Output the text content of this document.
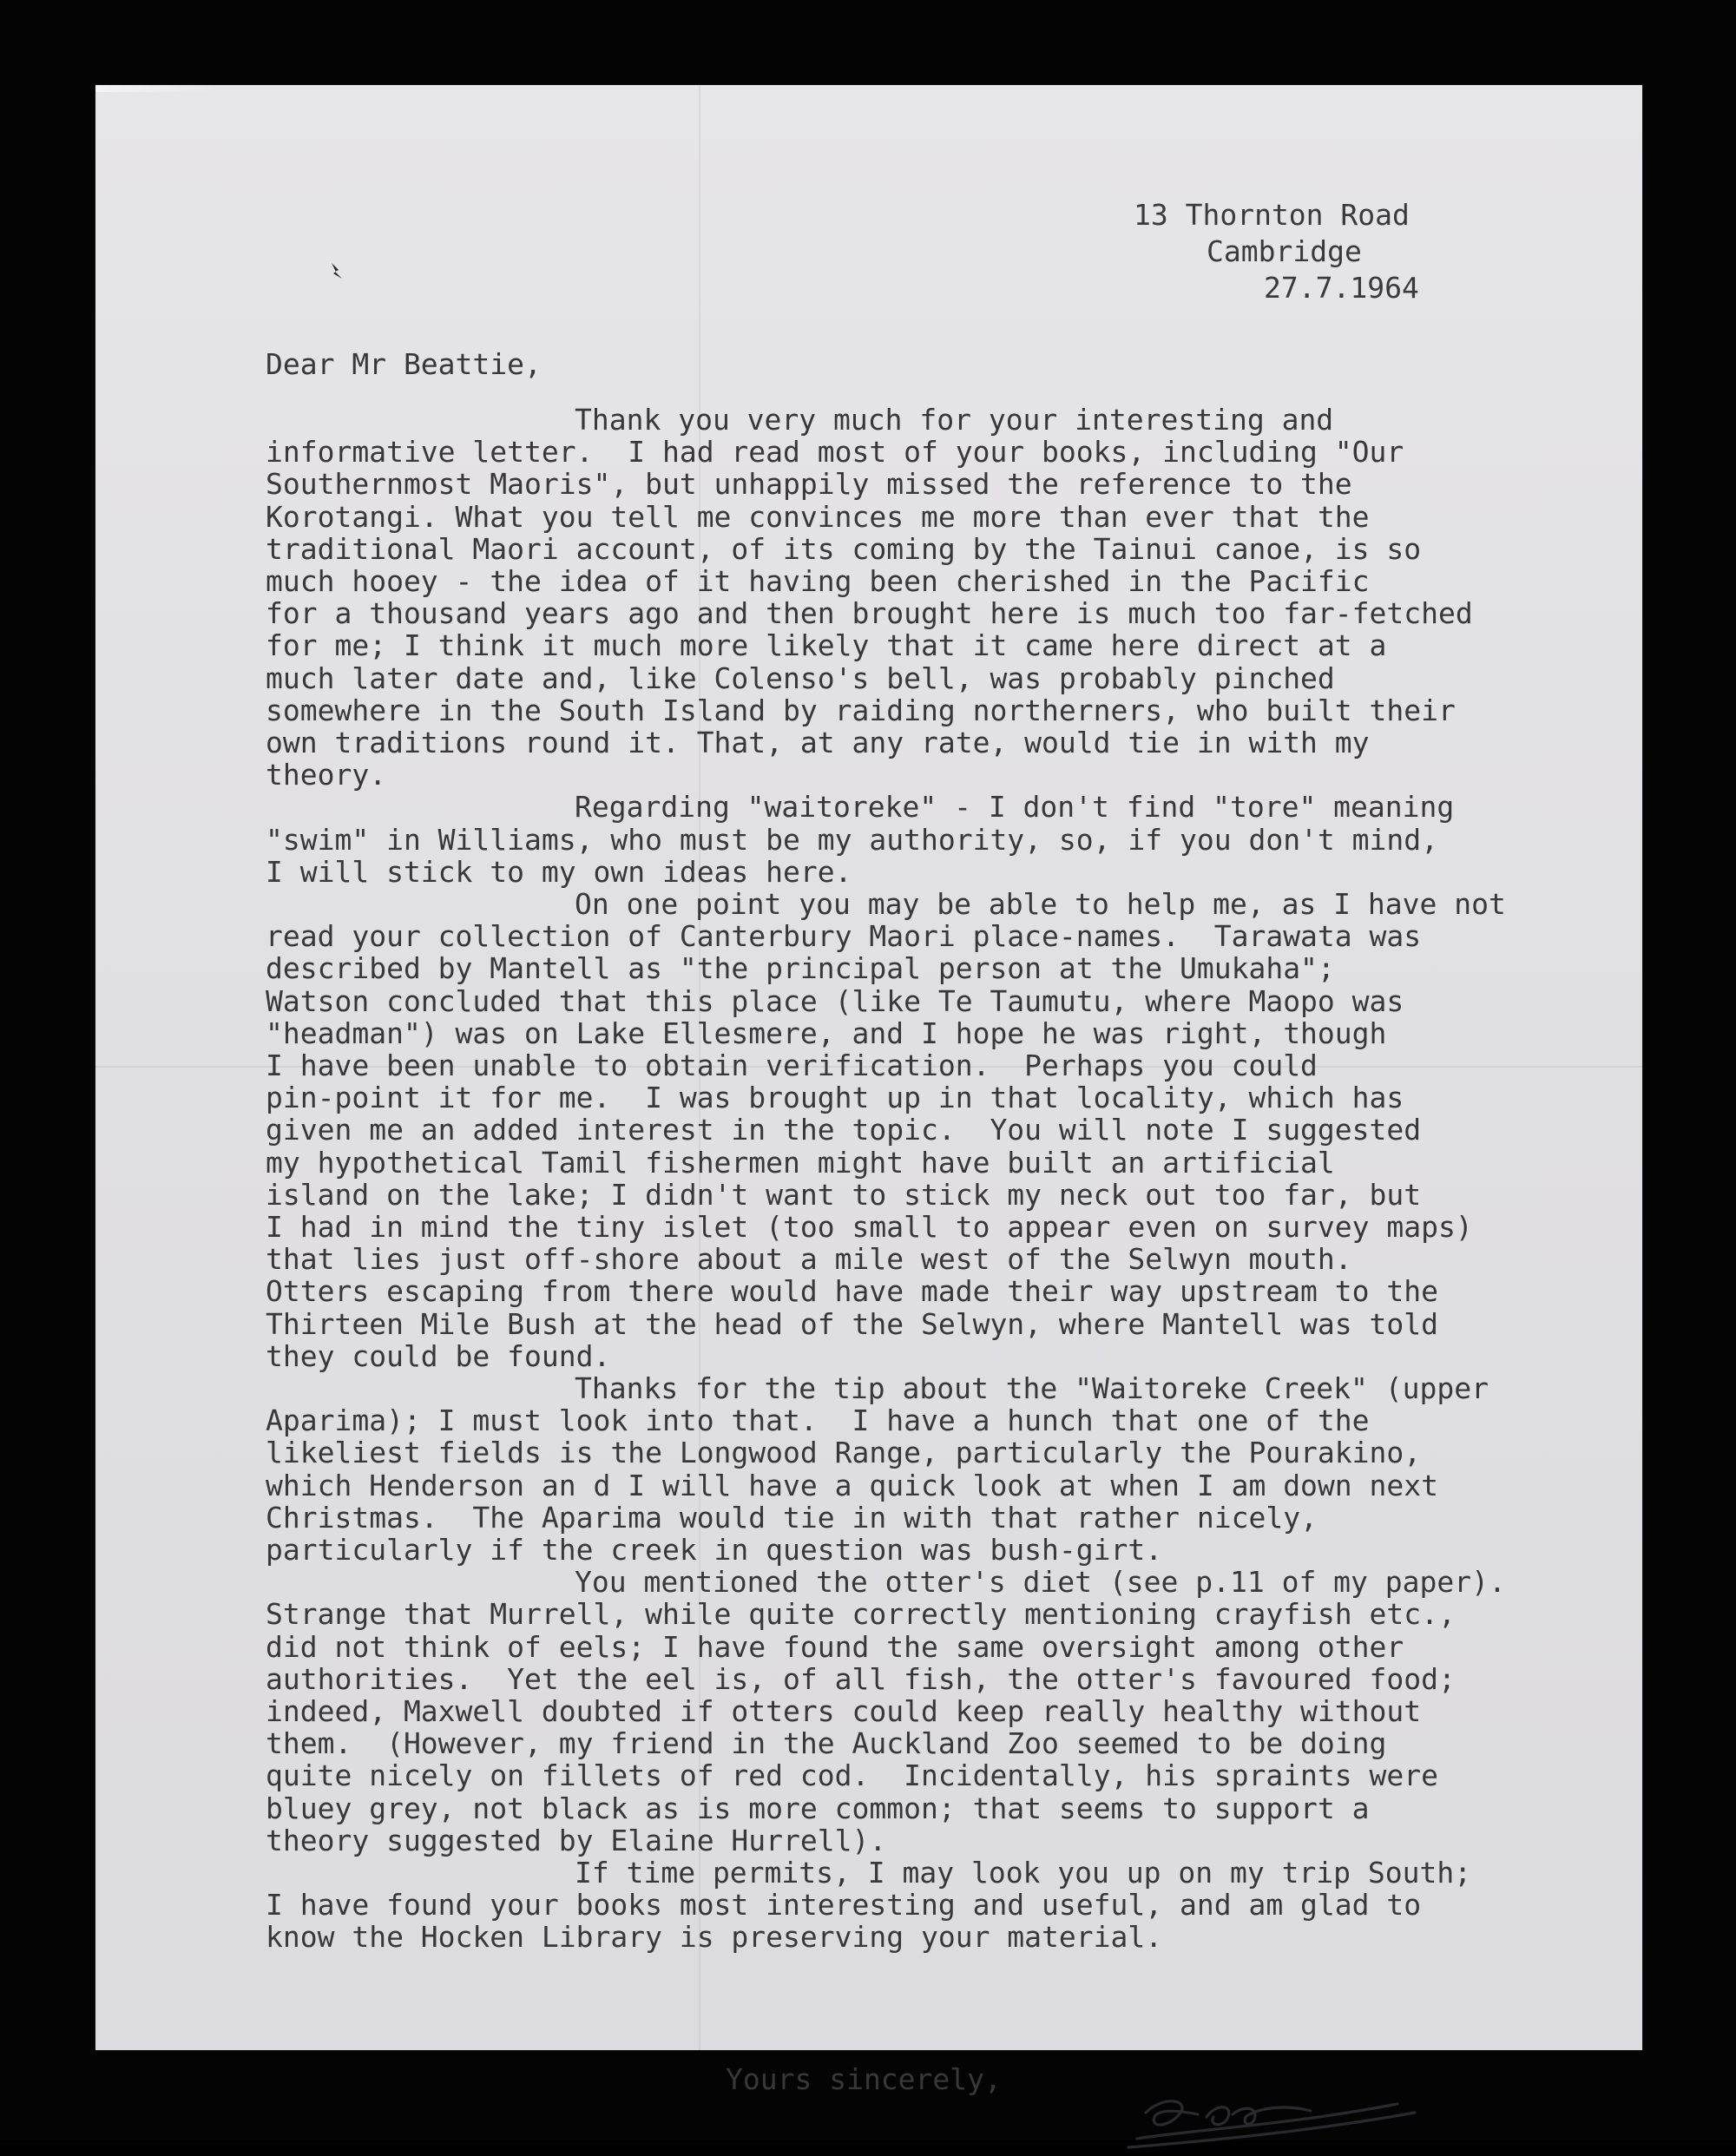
13 Thornton Road
Cambridge
27.7.1964
Dear Mr Beattie,
Thank you very much for your interesting and
informative letter.  I had read most of your books, including "Our
Southernmost Maoris", but unhappily missed the reference to the
Korotangi. What you tell me convinces me more than ever that the
traditional Maori account, of its coming by the Tainui canoe, is so
much hooey - the idea of it having been cherished in the Pacific
for a thousand years ago and then brought here is much too far-fetched
for me; I think it much more likely that it came here direct at a
much later date and, like Colenso's bell, was probably pinched
somewhere in the South Island by raiding northerners, who built their
own traditions round it. That, at any rate, would tie in with my
theory.
Regarding "waitoreke" - I don't find "tore" meaning
"swim" in Williams, who must be my authority, so, if you don't mind,
I will stick to my own ideas here.
On one point you may be able to help me, as I have not
read your collection of Canterbury Maori place-names.  Tarawata was
described by Mantell as "the principal person at the Umukaha";
Watson concluded that this place (like Te Taumutu, where Maopo was
"headman") was on Lake Ellesmere, and I hope he was right, though
I have been unable to obtain verification.  Perhaps you could
pin-point it for me.  I was brought up in that locality, which has
given me an added interest in the topic.  You will note I suggested
my hypothetical Tamil fishermen might have built an artificial
island on the lake; I didn't want to stick my neck out too far, but
I had in mind the tiny islet (too small to appear even on survey maps)
that lies just off-shore about a mile west of the Selwyn mouth.
Otters escaping from there would have made their way upstream to the
Thirteen Mile Bush at the head of the Selwyn, where Mantell was told
they could be found.
Thanks for the tip about the "Waitoreke Creek" (upper
Aparima); I must look into that.  I have a hunch that one of the
likeliest fields is the Longwood Range, particularly the Pourakino,
which Henderson an d I will have a quick look at when I am down next
Christmas.  The Aparima would tie in with that rather nicely,
particularly if the creek in question was bush-girt.
You mentioned the otter's diet (see p.11 of my paper).
Strange that Murrell, while quite correctly mentioning crayfish etc.,
did not think of eels; I have found the same oversight among other
authorities.  Yet the eel is, of all fish, the otter's favoured food;
indeed, Maxwell doubted if otters could keep really healthy without
them.  (However, my friend in the Auckland Zoo seemed to be doing
quite nicely on fillets of red cod.  Incidentally, his spraints were
bluey grey, not black as is more common; that seems to support a
theory suggested by Elaine Hurrell).
If time permits, I may look you up on my trip South;
I have found your books most interesting and useful, and am glad to
know the Hocken Library is preserving your material.
Yours sincerely,
